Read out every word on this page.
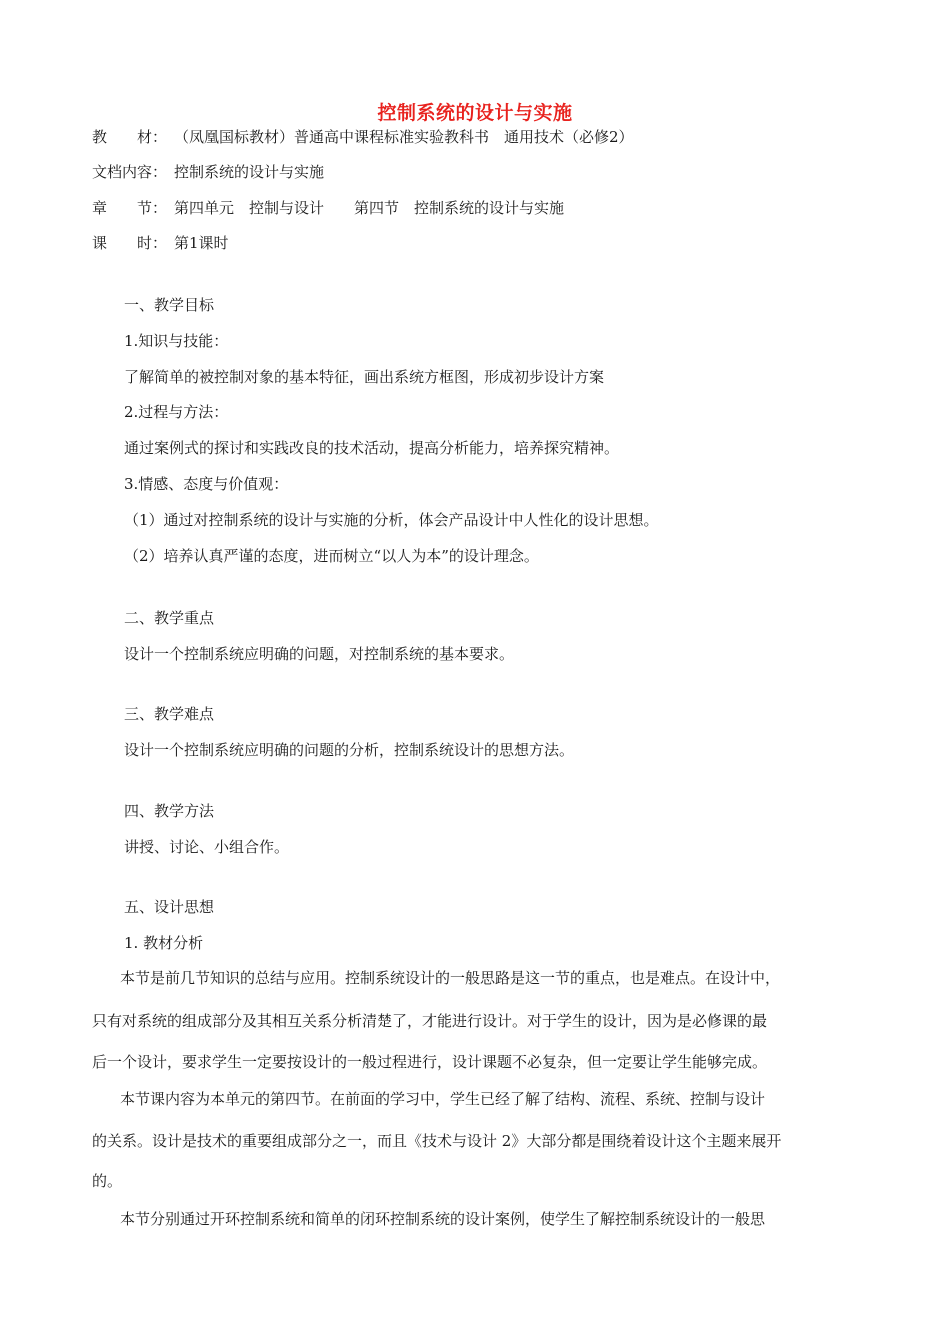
控制系统的设计与实施
教　　材： （凤凰国标教材）普通高中课程标准实验教科书　通用技术（必修2）
文档内容： 控制系统的设计与实施
章　　节： 第四单元　控制与设计　　第四节　控制系统的设计与实施
课　　时： 第1课时
一、教学目标
1.知识与技能：
了解简单的被控制对象的基本特征，画出系统方框图，形成初步设计方案
2.过程与方法：
通过案例式的探讨和实践改良的技术活动，提高分析能力，培养探究精神。
3.情感、态度与价值观：
（1）通过对控制系统的设计与实施的分析，体会产品设计中人性化的设计思想。
（2）培养认真严谨的态度，进而树立“以人为本”的设计理念。
二、教学重点
设计一个控制系统应明确的问题，对控制系统的基本要求。
三、教学难点
设计一个控制系统应明确的问题的分析，控制系统设计的思想方法。
四、教学方法
讲授、讨论、小组合作。
五、设计思想
1. 教材分析
本节是前几节知识的总结与应用。控制系统设计的一般思路是这一节的重点，也是难点。在设计中，
只有对系统的组成部分及其相互关系分析清楚了，才能进行设计。对于学生的设计，因为是必修课的最
后一个设计，要求学生一定要按设计的一般过程进行，设计课题不必复杂，但一定要让学生能够完成。
本节课内容为本单元的第四节。在前面的学习中，学生已经了解了结构、流程、系统、控制与设计
的关系。设计是技术的重要组成部分之一，而且《技术与设计 2》大部分都是围绕着设计这个主题来展开
的。
本节分别通过开环控制系统和简单的闭环控制系统的设计案例，使学生了解控制系统设计的一般思
